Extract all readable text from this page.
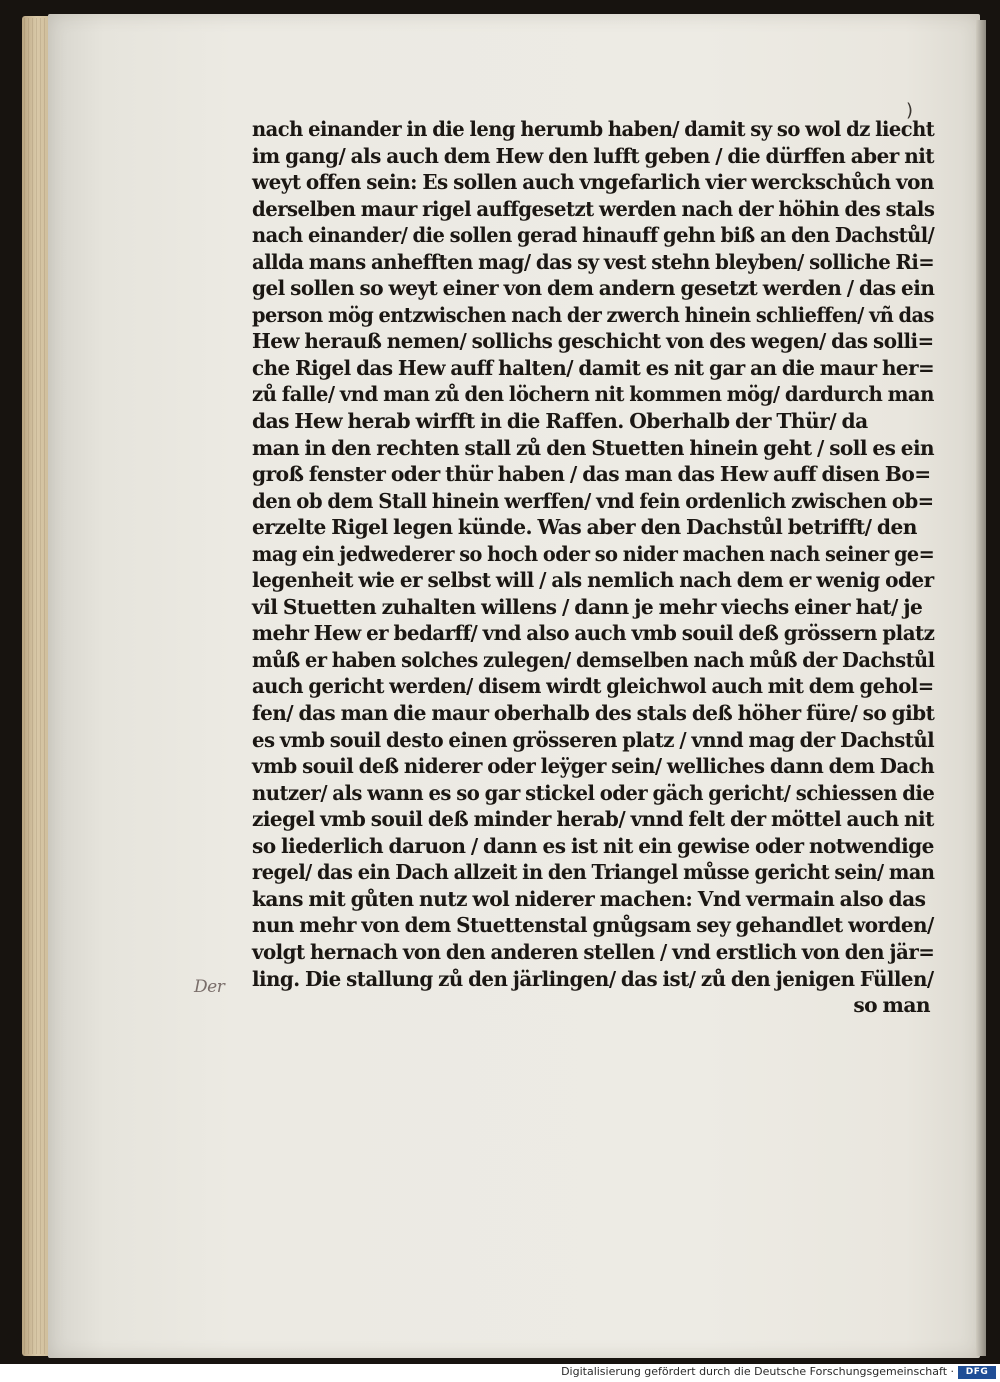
)
nach einander in die leng herumb haben/ damit sy so wol dz liecht
im gang/ als auch dem Hew den lufft geben / die dürffen aber nit
weyt offen sein: Es sollen auch vngefarlich vier werckschůch von
derselben maur rigel auffgesetzt werden nach der höhin des stals
nach einander/ die sollen gerad hinauff gehn biß an den Dachstůl/
allda mans anhefften mag/ das sy vest stehn bleyben/ solliche Ri=
gel sollen so weyt einer von dem andern gesetzt werden / das ein
person mög entzwischen nach der zwerch hinein schlieffen/ vñ das
Hew herauß nemen/ sollichs geschicht von des wegen/ das solli=
che Rigel das Hew auff halten/ damit es nit gar an die maur her=
zů falle/ vnd man zů den löchern nit kommen mög/ dardurch man
das Hew herab wirfft in die Raffen. Oberhalb der Thür/ da
man in den rechten stall zů den Stuetten hinein geht / soll es ein
groß fenster oder thür haben / das man das Hew auff disen Bo=
den ob dem Stall hinein werffen/ vnd fein ordenlich zwischen ob=
erzelte Rigel legen künde. Was aber den Dachstůl betrifft/ den
mag ein jedwederer so hoch oder so nider machen nach seiner ge=
legenheit wie er selbst will / als nemlich nach dem er wenig oder
vil Stuetten zuhalten willens / dann je mehr viechs einer hat/ je
mehr Hew er bedarff/ vnd also auch vmb souil deß grössern platz
můß er haben solches zulegen/ demselben nach můß der Dachstůl
auch gericht werden/ disem wirdt gleichwol auch mit dem gehol=
fen/ das man die maur oberhalb des stals deß höher füre/ so gibt
es vmb souil desto einen grösseren platz / vnnd mag der Dachstůl
vmb souil deß niderer oder leÿger sein/ welliches dann dem Dach
nutzer/ als wann es so gar stickel oder gäch gericht/ schiessen die
ziegel vmb souil deß minder herab/ vnnd felt der möttel auch nit
so liederlich daruon / dann es ist nit ein gewise oder notwendige
regel/ das ein Dach allzeit in den Triangel můsse gericht sein/ man
kans mit gůten nutz wol niderer machen: Vnd vermain also das
nun mehr von dem Stuettenstal gnůgsam sey gehandlet worden/
volgt hernach von den anderen stellen / vnd erstlich von den jär=
ling. Die stallung zů den järlingen/ das ist/ zů den jenigen Füllen/
so man
Der
Digitalisierung gefördert durch die Deutsche Forschungsgemeinschaft ·	DFG
